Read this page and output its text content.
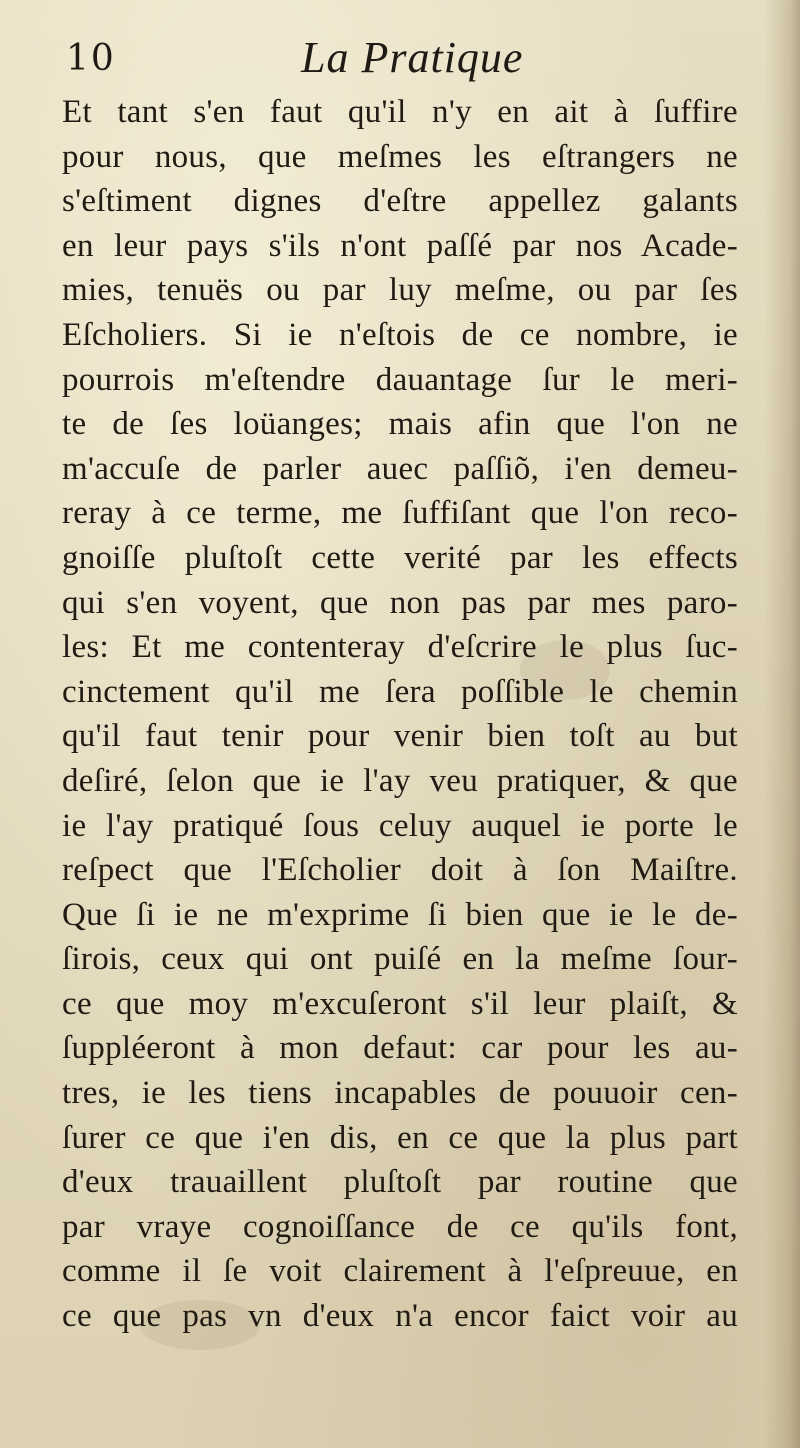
10	La Pratique
Et tant s'en faut qu'il n'y en ait à ſuffire
pour nous, que meſmes les eſtrangers ne
s'eſtiment dignes d'eſtre appellez galants
en leur pays s'ils n'ont paſſé par nos Acade-
mies, tenuës ou par luy meſme, ou par ſes
Eſcholiers. Si ie n'eſtois de ce nombre, ie
pourrois m'eſtendre dauantage ſur le meri-
te de ſes loüanges; mais afin que l'on ne
m'accuſe de parler auec paſſiõ, i'en demeu-
reray à ce terme, me ſuffiſant que l'on reco-
gnoiſſe pluſtoſt cette verité par les effects
qui s'en voyent, que non pas par mes paro-
les: Et me contenteray d'eſcrire le plus ſuc-
cinctement qu'il me ſera poſſible le chemin
qu'il faut tenir pour venir bien toſt au but
deſiré, ſelon que ie l'ay veu pratiquer, & que
ie l'ay pratiqué ſous celuy auquel ie porte le
reſpect que l'Eſcholier doit à ſon Maiſtre.
Que ſi ie ne m'exprime ſi bien que ie le de-
ſirois, ceux qui ont puiſé en la meſme ſour-
ce que moy m'excuſeront s'il leur plaiſt, &
ſuppléeront à mon defaut: car pour les au-
tres, ie les tiens incapables de pouuoir cen-
ſurer ce que i'en dis, en ce que la plus part
d'eux trauaillent pluſtoſt par routine que
par vraye cognoiſſance de ce qu'ils font,
comme il ſe voit clairement à l'eſpreuue, en
ce que pas vn d'eux n'a encor faict voir au
